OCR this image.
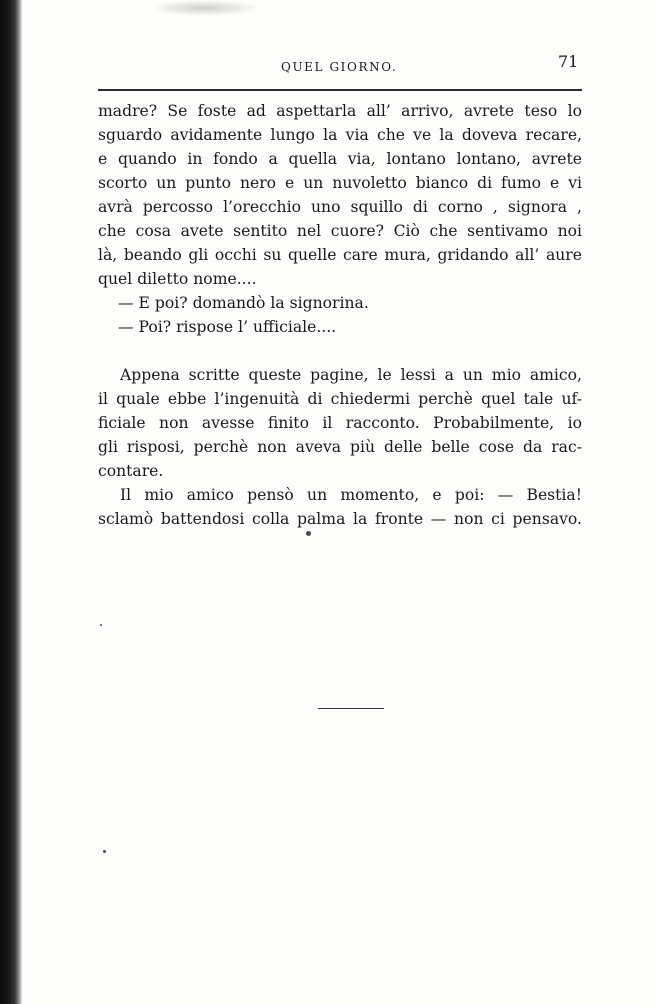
QUEL GIORNO.	71

madre? Se foste ad aspettarla all’ arrivo, avrete teso lo

sguardo avidamente lungo la via che ve la doveva recare,

e quando in fondo a quella via, lontano lontano, avrete

scorto un punto nero e un nuvoletto bianco di fumo e vi

avrà percosso l’orecchio uno squillo di corno , signora ,

che cosa avete sentito nel cuore? Ciò che sentivamo noi

là, beando gli occhi su quelle care mura, gridando all’ aure

quel diletto nome....

— E poi? domandò la signorina.

— Poi? rispose l’ ufficiale....

Appena scritte queste pagine, le lessi a un mio amico,

il quale ebbe l’ingenuità di chiedermi perchè quel tale uf-

ficiale non avesse finito il racconto. Probabilmente, io

gli risposi, perchè non aveva più delle belle cose da rac-

contare.

Il mio amico pensò un momento, e poi: — Bestia!

sclamò battendosi colla palma la fronte — non ci pensavo.
